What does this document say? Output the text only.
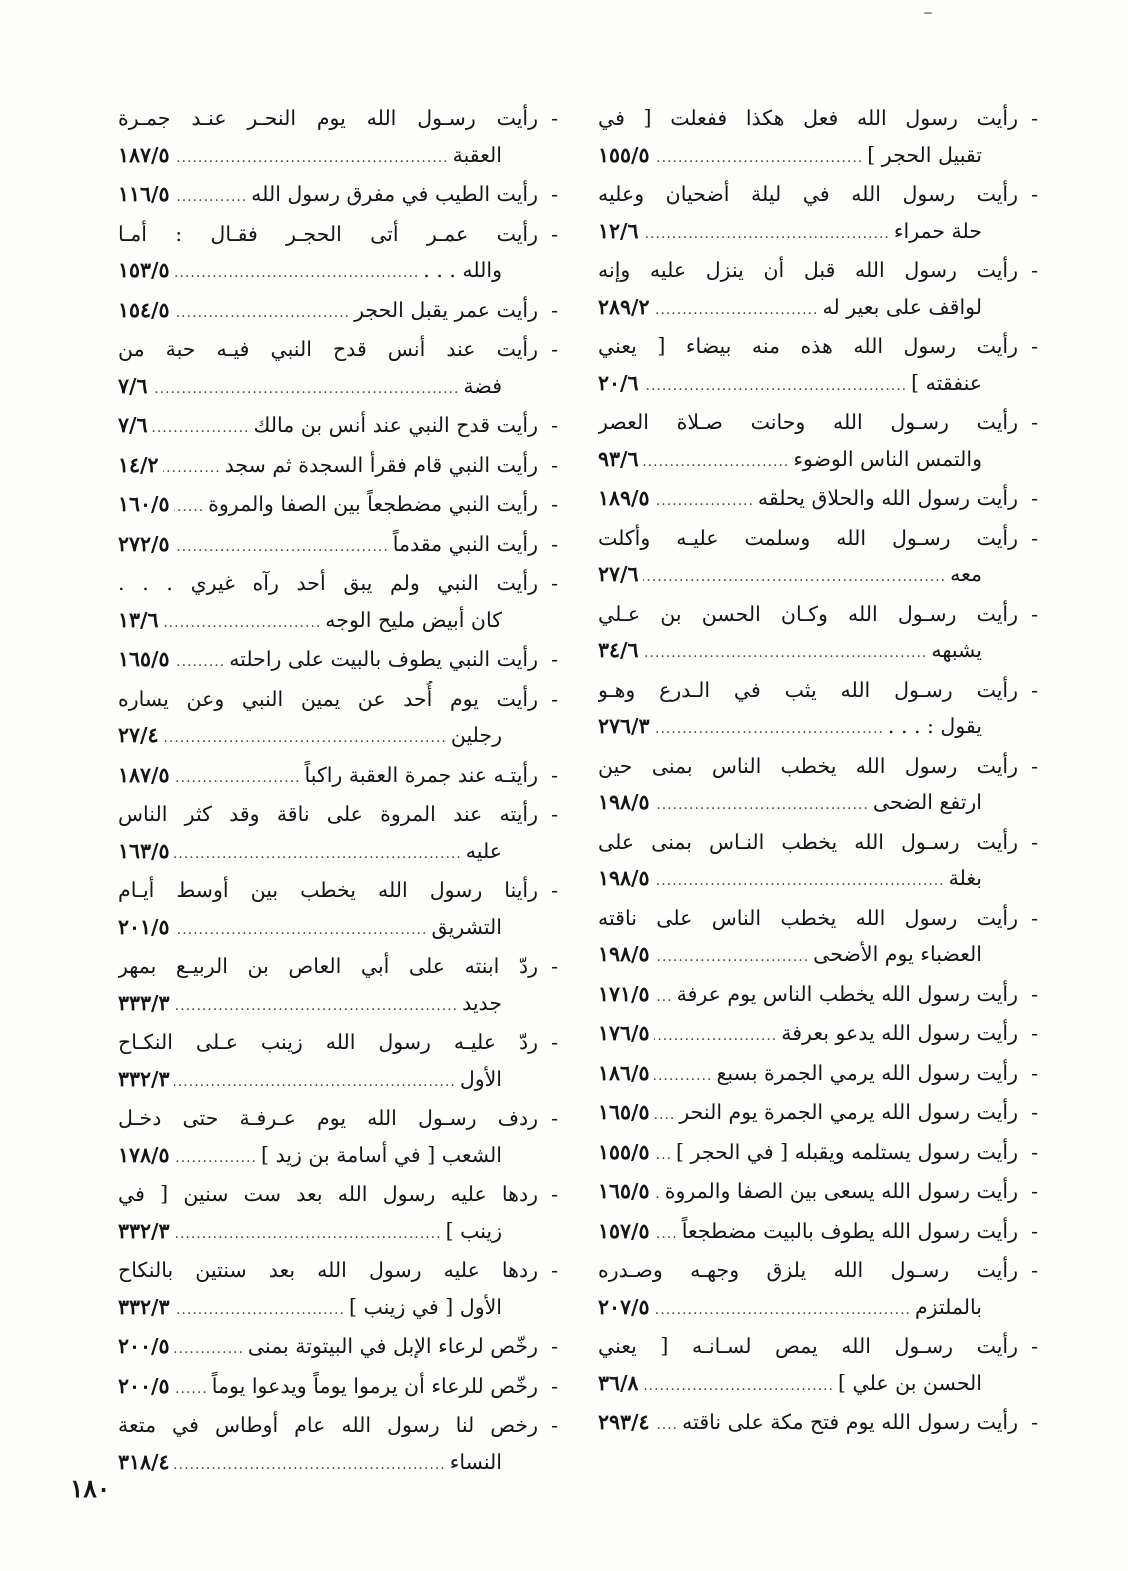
-
رأيت رسول الله فعل هكذا ففعلت [ في
تقبيل الحجر ]
.....
١٥٥/٥
-
رأيت رسول الله في ليلة أضحيان وعليه
حلة حمراء
.....
١٢/٦
-
رأيت رسول الله قبل أن ينزل عليه وإنه
لواقف على بعير له
.....
٢٨٩/٢
-
رأيت رسول الله هذه منه بيضاء [ يعني
عنفقته ]
.....
٢٠/٦
-
رأيت رسـول الله وحانت صـلاة العصر
والتمس الناس الوضوء
.....
٩٣/٦
-
رأيت رسول الله والحلاق يحلقه
.....
١٨٩/٥
-
رأيت رسـول الله وسلمت عليـه وأكلت
معه
.....
٢٧/٦
-
رأيت رسـول الله وكـان الحسن بن عـلي
يشبهه
.....
٣٤/٦
-
رأيت رسـول الله يثب في الـدرع وهـو
يقول : . . .
.....
٢٧٦/٣
-
رأيت رسول الله يخطب الناس بمنى حين
ارتفع الضحى
.....
١٩٨/٥
-
رأيت رسـول الله يخطب النـاس بمنى على
بغلة
.....
١٩٨/٥
-
رأيت رسول الله يخطب الناس على ناقته
العضباء يوم الأضحى
.....
١٩٨/٥
-
رأيت رسول الله يخطب الناس يوم عرفة
.....
١٧١/٥
-
رأيت رسول الله يدعو بعرفة
.....
١٧٦/٥
-
رأيت رسول الله يرمي الجمرة بسبع
.....
١٨٦/٥
-
رأيت رسول الله يرمي الجمرة يوم النحر
.....
١٦٥/٥
-
رأيت رسول يستلمه ويقبله [ في الحجر ]
.....
١٥٥/٥
-
رأيت رسول الله يسعى بين الصفا والمروة
.....
١٦٥/٥
-
رأيت رسول الله يطوف بالبيت مضطجعاً
.....
١٥٧/٥
-
رأيت رسـول الله يلزق وجهـه وصـدره
بالملتزم
.....
٢٠٧/٥
-
رأيت رسـول الله يمص لسـانـه [ يعني
الحسن بن علي ]
.....
٣٦/٨
-
رأيت رسول الله يوم فتح مكة على ناقته
.....
٢٩٣/٤
-
رأيت رسـول الله يوم النحـر عنـد جمـرة
العقبة
.....
١٨٧/٥
-
رأيت الطيب في مفرق رسول الله
.....
١١٦/٥
-
رأيت عمـر أتى الحجـر فقـال : أمـا
والله . . .
.....
١٥٣/٥
-
رأيت عمر يقبل الحجر
.....
١٥٤/٥
-
رأيت عند أنس قدح النبي فيـه حبة من
فضة
.....
٧/٦
-
رأيت قدح النبي عند أنس بن مالك
.....
٧/٦
-
رأيت النبي قام فقرأ السجدة ثم سجد
.....
١٤/٢
-
رأيت النبي مضطجعاً بين الصفا والمروة
.....
١٦٠/٥
-
رأيت النبي مقدماً
.....
٢٧٢/٥
-
رأيت النبي ولم يبق أحد رآه غيري . . .
كان أبيض مليح الوجه
.....
١٣/٦
-
رأيت النبي يطوف بالبيت على راحلته
.....
١٦٥/٥
-
رأيت يوم أُحد عن يمين النبي وعن يساره
رجلين
.....
٢٧/٤
-
رأيتـه عند جمرة العقبة راكباً
.....
١٨٧/٥
-
رأيته عند المروة على ناقة وقد كثر الناس
عليه
.....
١٦٣/٥
-
رأينا رسول الله يخطب بين أوسط أيـام
التشريق
.....
٢٠١/٥
-
ردّ ابنته على أبي العاص بن الربيـع بمهر
جديد
.....
٣٣٣/٣
-
ردّ عليـه رسول الله زينب عـلى النكـاح
الأول
.....
٣٣٢/٣
-
ردف رسـول الله يوم عـرفـة حتى دخـل
الشعب [ في أسامة بن زيد ]
.....
١٧٨/٥
-
ردها عليه رسول الله بعد ست سنين [ في
زينب ]
.....
٣٣٢/٣
-
ردها عليه رسول الله بعد سنتين بالنكاح
الأول [ في زينب ]
.....
٣٣٢/٣
-
رخّص لرعاء الإبل في البيتوتة بمنى
.....
٢٠٠/٥
-
رخّص للرعاء أن يرموا يوماً ويدعوا يوماً
.....
٢٠٠/٥
-
رخص لنا رسول الله عام أوطاس في متعة
النساء
.....
٣١٨/٤
١٨٠
